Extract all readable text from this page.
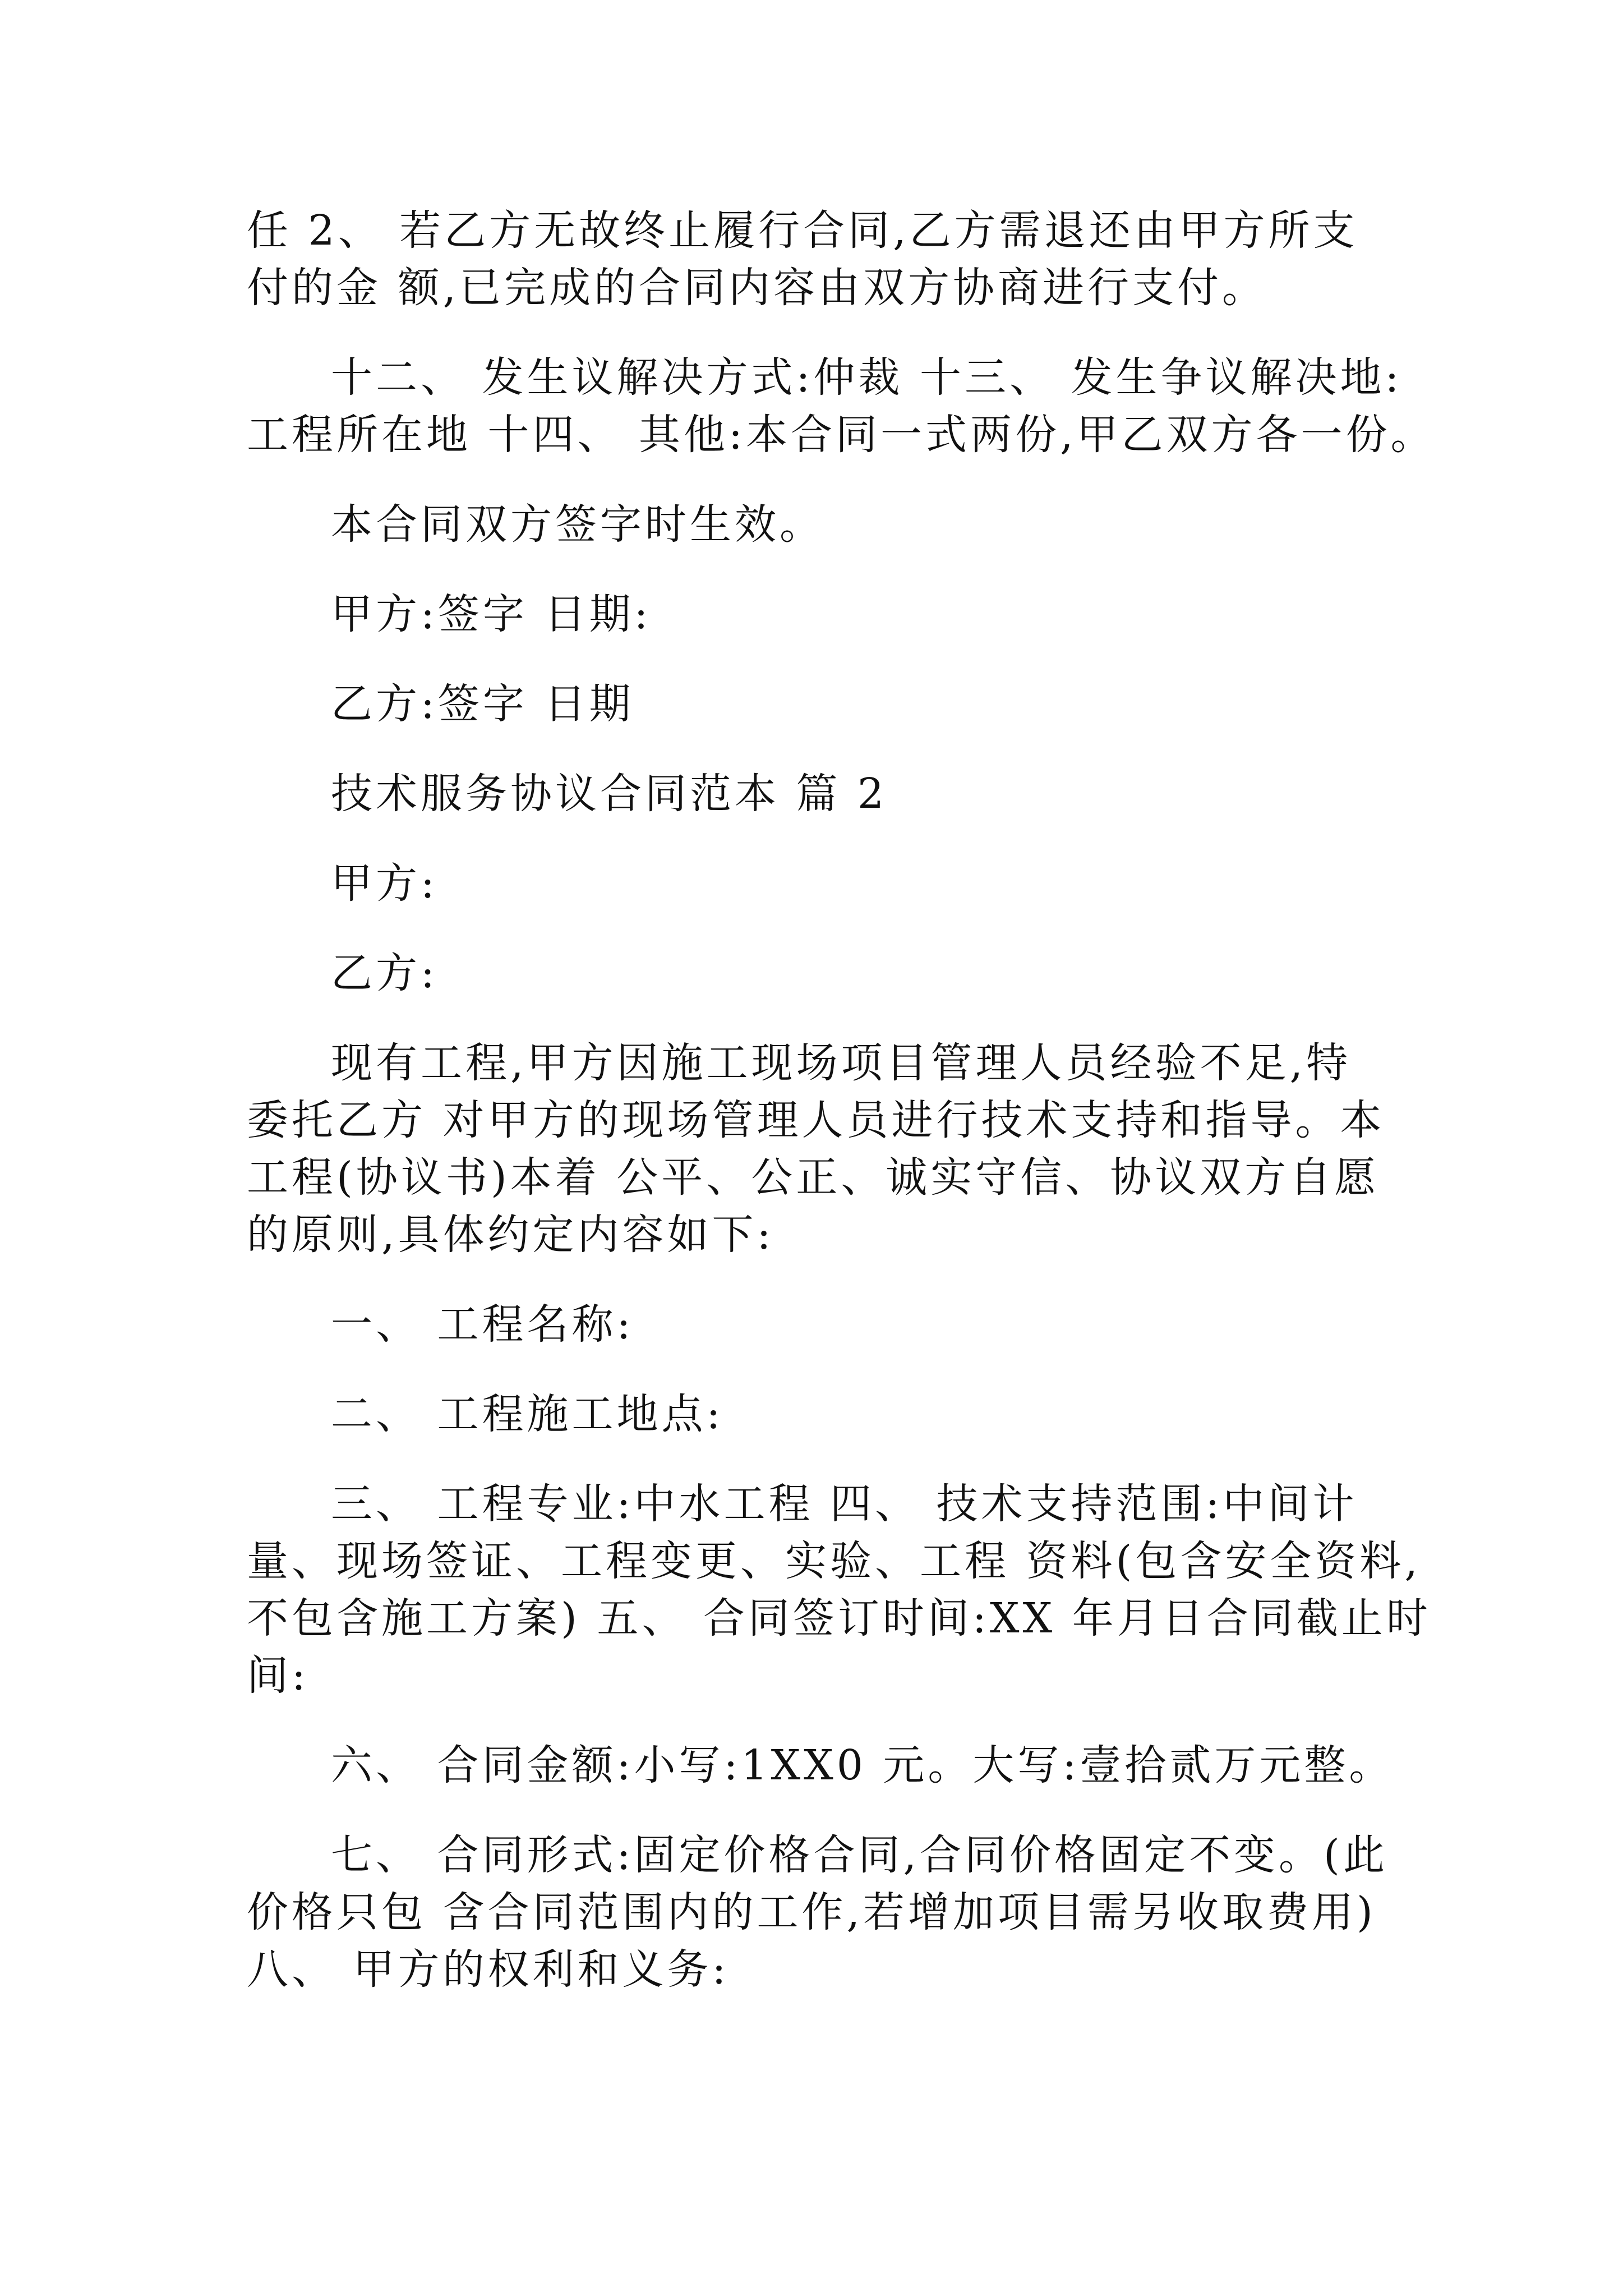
任 2、 若乙方无故终止履行合同,乙方需退还由甲方所支
付的金 额,已完成的合同内容由双方协商进行支付。
十二、 发生议解决方式:仲裁 十三、 发生争议解决地:
工程所在地 十四、 其他:本合同一式两份,甲乙双方各一份。
本合同双方签字时生效。
甲方:签字 日期:
乙方:签字 日期
技术服务协议合同范本 篇 2
甲方:
乙方:
现有工程,甲方因施工现场项目管理人员经验不足,特
委托乙方 对甲方的现场管理人员进行技术支持和指导。本
工程(协议书)本着 公平、公正、诚实守信、协议双方自愿
的原则,具体约定内容如下:
一、 工程名称:
二、 工程施工地点:
三、 工程专业:中水工程 四、 技术支持范围:中间计
量、现场签证、工程变更、实验、工程 资料(包含安全资料,
不包含施工方案) 五、 合同签订时间:XX 年月日合同截止时
间:
六、 合同金额:小写:1XX0 元。大写:壹拾贰万元整。
七、 合同形式:固定价格合同,合同价格固定不变。(此
价格只包 含合同范围内的工作,若增加项目需另收取费用)
八、 甲方的权利和义务:
